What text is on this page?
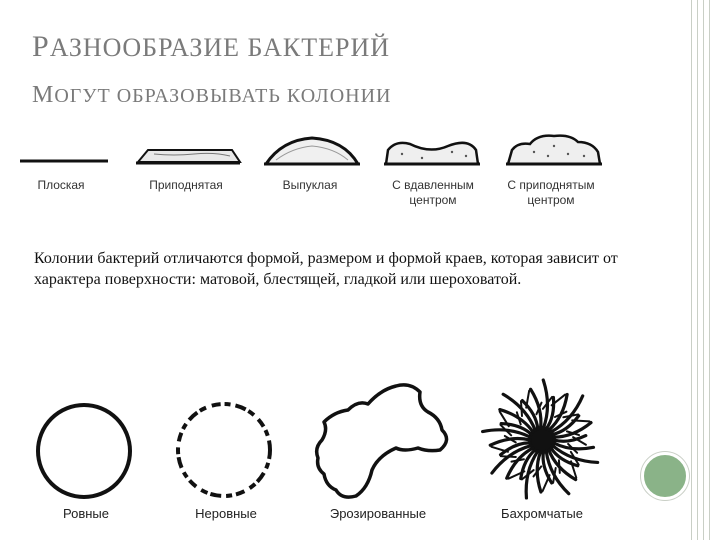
РАЗНООБРАЗИЕ БАКТЕРИЙ
МОГУТ ОБРАЗОВЫВАТЬ КОЛОНИИ
Плоская	Приподнятая	Выпуклая	С вдавленным центром
С приподнятым центром
Колонии бактерий отличаются формой, размером и формой краев, которая зависит от характера поверхности: матовой, блестящей, гладкой или шероховатой.
Ровные	Неровные	Эрозированные	Бахромчатые
